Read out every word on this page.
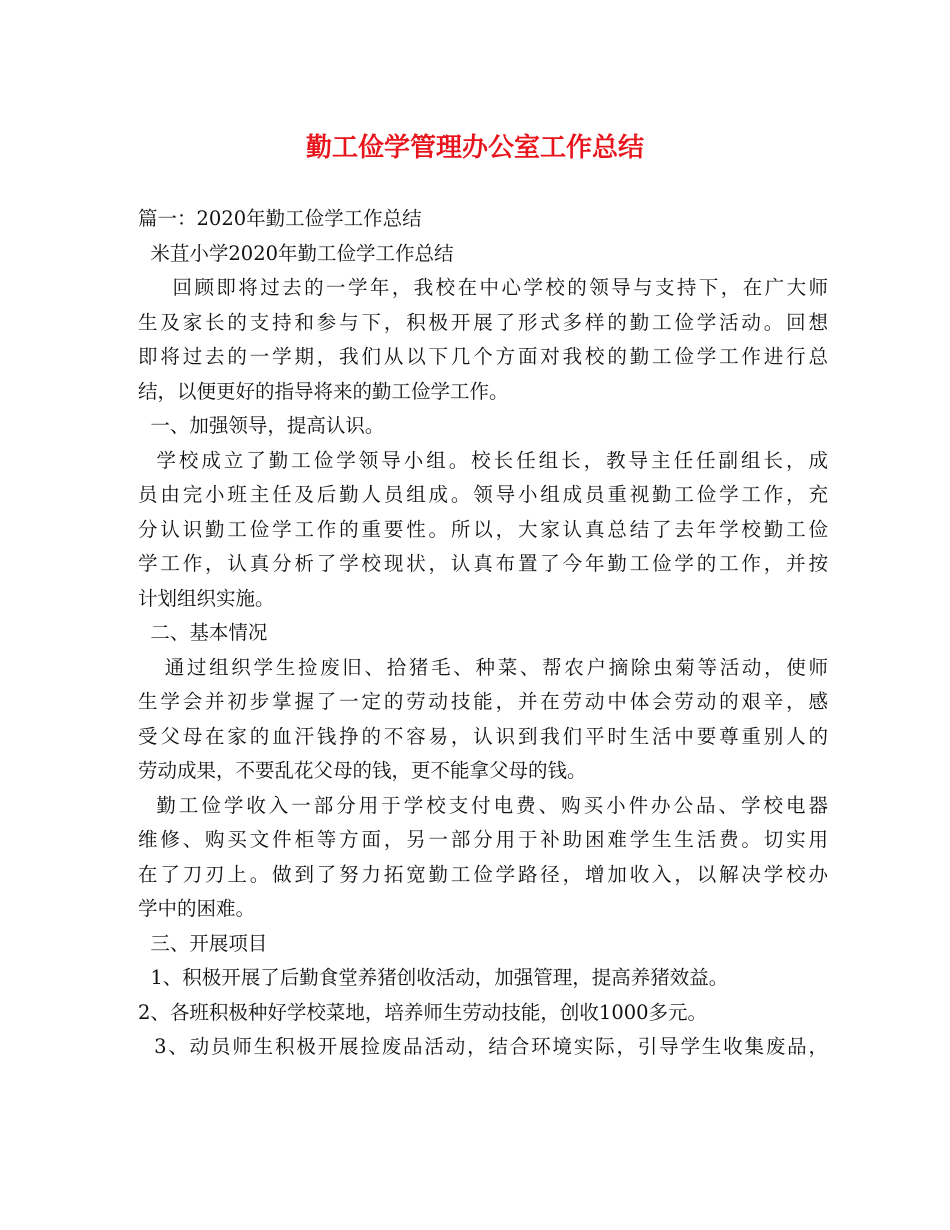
勤工俭学管理办公室工作总结
篇一：2020年勤工俭学工作总结
米苴小学2020年勤工俭学工作总结
回顾即将过去的一学年，我校在中心学校的领导与支持下，在广大师
生及家长的支持和参与下，积极开展了形式多样的勤工俭学活动。回想
即将过去的一学期，我们从以下几个方面对我校的勤工俭学工作进行总
结，以便更好的指导将来的勤工俭学工作。
一、加强领导，提高认识。
学校成立了勤工俭学领导小组。校长任组长，教导主任任副组长，成
员由完小班主任及后勤人员组成。领导小组成员重视勤工俭学工作，充
分认识勤工俭学工作的重要性。所以，大家认真总结了去年学校勤工俭
学工作，认真分析了学校现状，认真布置了今年勤工俭学的工作，并按
计划组织实施。
二、基本情况
通过组织学生捡废旧、拾猪毛、种菜、帮农户摘除虫菊等活动，使师
生学会并初步掌握了一定的劳动技能，并在劳动中体会劳动的艰辛，感
受父母在家的血汗钱挣的不容易，认识到我们平时生活中要尊重别人的
劳动成果，不要乱花父母的钱，更不能拿父母的钱。
勤工俭学收入一部分用于学校支付电费、购买小件办公品、学校电器
维修、购买文件柜等方面，另一部分用于补助困难学生生活费。切实用
在了刀刃上。做到了努力拓宽勤工俭学路径，增加收入，以解决学校办
学中的困难。
三、开展项目
1、积极开展了后勤食堂养猪创收活动，加强管理，提高养猪效益。
2、各班积极种好学校菜地，培养师生劳动技能，创收1000多元。
3、动员师生积极开展捡废品活动，结合环境实际，引导学生收集废品，
